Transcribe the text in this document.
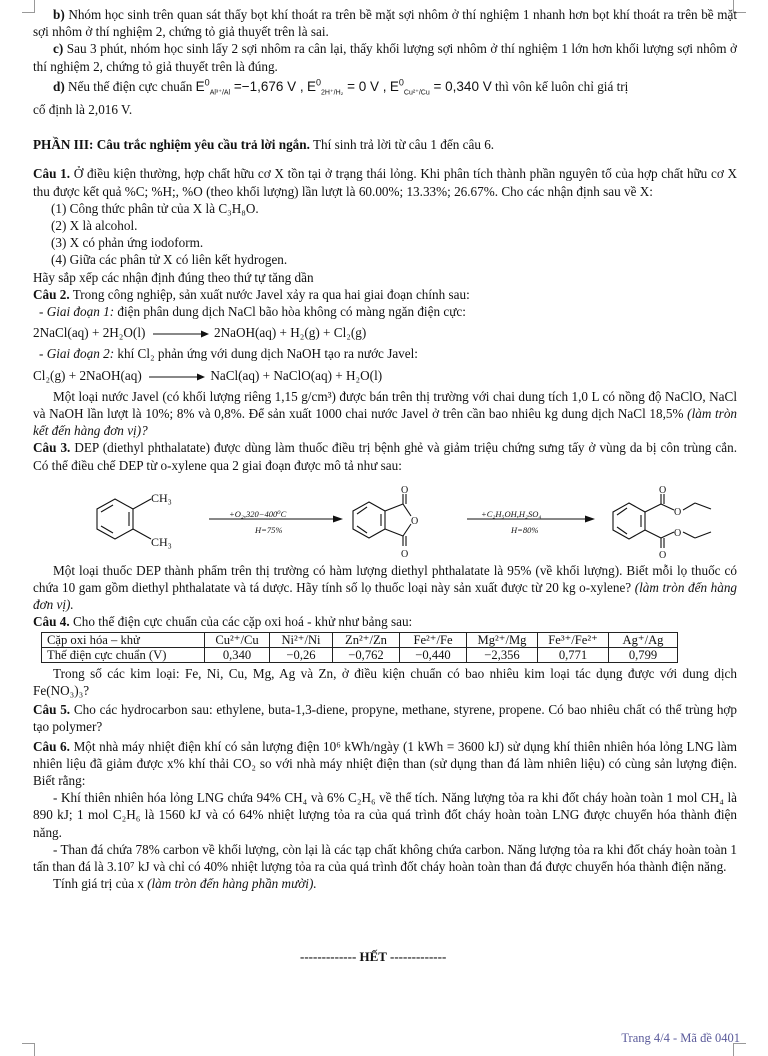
b) Nhóm học sinh trên quan sát thấy bọt khí thoát ra trên bề mặt sợi nhôm ở thí nghiệm 1 nhanh hơn bọt khí thoát ra trên bề mặt sợi nhôm ở thí nghiệm 2, chứng tỏ giả thuyết trên là sai.

c) Sau 3 phút, nhóm học sinh lấy 2 sợi nhôm ra cân lại, thấy khối lượng sợi nhôm ở thí nghiệm 1 lớn hơn khối lượng sợi nhôm ở thí nghiệm 2, chứng tỏ giả thuyết trên là đúng.

d) Nếu thế điện cực chuẩn $E^0_{Al^{3+}/Al} =-1,676$ V , $E^0_{2H^+/H_2} = 0$ V , $E^0_{Cu^{2+}/Cu} = 0,340$ V thì vôn kế luôn chỉ giá trị

cố định là 2,016 V.

PHẦN III: Câu trắc nghiệm yêu cầu trả lời ngắn. Thí sinh trả lời từ câu 1 đến câu 6.

Câu 1. Ở điều kiện thường, hợp chất hữu cơ X tồn tại ở trạng thái lỏng. Khi phân tích thành phần nguyên tố của hợp chất hữu cơ X thu được kết quả %C; %H;, %O (theo khối lượng) lần lượt là 60.00%; 13.33%; 26.67%. Cho các nhận định sau về X:

(1) Công thức phân tử của X là C₃H₈O.

(2) X là alcohol.

(3) X có phản ứng iodoform.

(4) Giữa các phân tử X có liên kết hydrogen.

Hãy sắp xếp các nhận định đúng theo thứ tự tăng dần

Câu 2. Trong công nghiệp, sản xuất nước Javel xảy ra qua hai giai đoạn chính sau:

- Giai đoạn 1: điện phân dung dịch NaCl bão hòa không có màng ngăn điện cực:

2NaCl(aq) + 2H₂O(l)	2NaOH(aq) + H₂(g) + Cl₂(g)

- Giai đoạn 2: khí Cl₂ phản ứng với dung dịch NaOH tạo ra nước Javel:

Cl₂(g) + 2NaOH(aq)	NaCl(aq) + NaClO(aq) + H₂O(l)

Một loại nước Javel (có khối lượng riêng 1,15 g/cm³) được bán trên thị trường với chai dung tích 1,0 L có nồng độ NaClO, NaCl và NaOH lần lượt là 10%; 8% và 0,8%. Để sản xuất 1000 chai nước Javel ở trên cần bao nhiêu kg dung dịch NaCl 18,5% (làm tròn kết đến hàng đơn vị)?

Câu 3. DEP (diethyl phthalatate) được dùng làm thuốc điều trị bệnh ghẻ và giảm triệu chứng sưng tấy ở vùng da bị côn trùng cắn. Có thể điều chế DEP từ o-xylene qua 2 giai đoạn được mô tả như sau:

CH₃
CH₃
+O₂,320−400⁰C
H=75%
+C₂H₅OH,H₂SO₄
H=80%
O
O
O
O
O
O
O

Một loại thuốc DEP thành phẩm trên thị trường có hàm lượng diethyl phthalatate là 95% (về khối lượng). Biết mỗi lọ thuốc có chứa 10 gam gồm diethyl phthalatate và tá dược. Hãy tính số lọ thuốc loại này sản xuất được từ 20 kg o-xylene? (làm tròn đến hàng đơn vị).

Câu 4. Cho thế điện cực chuẩn của các cặp oxi hoá - khử như bảng sau:

Cặp oxi hóa – khử	Cu²⁺/Cu	Ni²⁺/Ni	Zn²⁺/Zn	Fe²⁺/Fe	Mg²⁺/Mg	Fe³⁺/Fe²⁺	Ag⁺/Ag
Thế điện cực chuẩn (V)	0,340	−0,26	−0,762	−0,440	−2,356	0,771	0,799

Trong số các kim loại: Fe, Ni, Cu, Mg, Ag và Zn, ở điều kiện chuẩn có bao nhiêu kim loại tác dụng được với dung dịch Fe(NO₃)₃?

Câu 5. Cho các hydrocarbon sau: ethylene, buta-1,3-diene, propyne, methane, styrene, propene. Có bao nhiêu chất có thể trùng hợp tạo polymer?

Câu 6. Một nhà máy nhiệt điện khí có sản lượng điện 10⁶ kWh/ngày (1 kWh = 3600 kJ) sử dụng khí thiên nhiên hóa lỏng LNG làm nhiên liệu đã giảm được x% khí thải CO₂ so với nhà máy nhiệt điện than (sử dụng than đá làm nhiên liệu) có cùng sản lượng điện. Biết rằng:

- Khí thiên nhiên hóa lỏng LNG chứa 94% CH₄ và 6% C₂H₆ về thể tích. Năng lượng tỏa ra khi đốt cháy hoàn toàn 1 mol CH₄ là 890 kJ; 1 mol C₂H₆ là 1560 kJ và có 64% nhiệt lượng tỏa ra của quá trình đốt cháy hoàn toàn LNG được chuyển hóa thành điện năng.

- Than đá chứa 78% carbon về khối lượng, còn lại là các tạp chất không chứa carbon. Năng lượng tỏa ra khi đốt cháy hoàn toàn 1 tấn than đá là 3.10⁷ kJ và chỉ có 40% nhiệt lượng tỏa ra của quá trình đốt cháy hoàn toàn than đá được chuyển hóa thành điện năng.

Tính giá trị của x (làm tròn đến hàng phần mười).

------------- HẾT -------------
Trang 4/4 - Mã đề 0401
